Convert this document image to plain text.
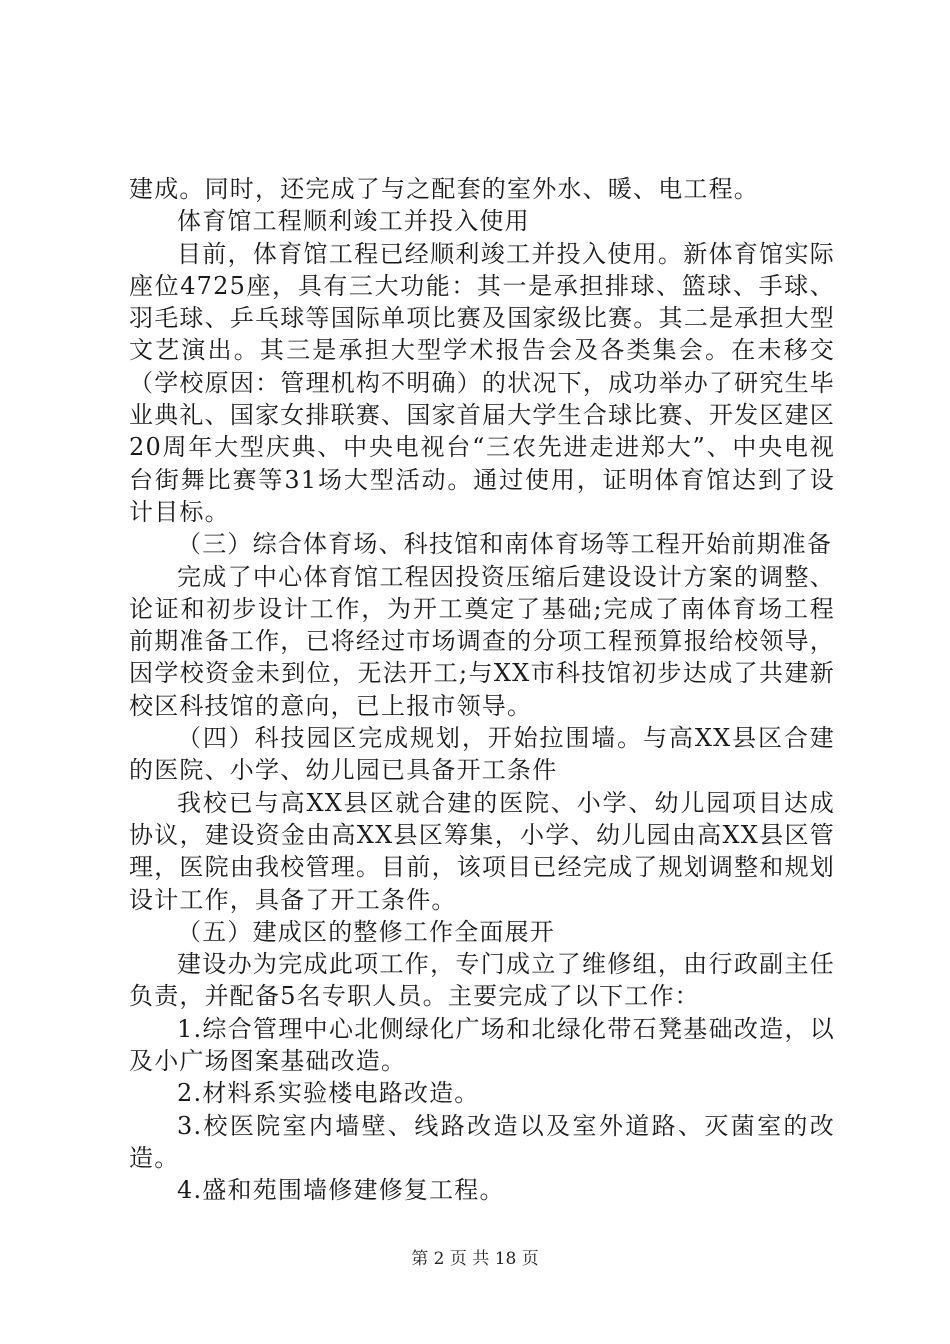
建成。同时，还完成了与之配套的室外水、暖、电工程。

体育馆工程顺利竣工并投入使用

目前，体育馆工程已经顺利竣工并投入使用。新体育馆实际座位4725座，具有三大功能：其一是承担排球、篮球、手球、羽毛球、乒乓球等国际单项比赛及国家级比赛。其二是承担大型文艺演出。其三是承担大型学术报告会及各类集会。在未移交（学校原因：管理机构不明确）的状况下，成功举办了研究生毕业典礼、国家女排联赛、国家首届大学生合球比赛、开发区建区20周年大型庆典、中央电视台“三农先进走进郑大”、中央电视台街舞比赛等31场大型活动。通过使用，证明体育馆达到了设计目标。

（三）综合体育场、科技馆和南体育场等工程开始前期准备

完成了中心体育馆工程因投资压缩后建设设计方案的调整、论证和初步设计工作，为开工奠定了基础;完成了南体育场工程前期准备工作，已将经过市场调查的分项工程预算报给校领导，因学校资金未到位，无法开工;与XX市科技馆初步达成了共建新校区科技馆的意向，已上报市领导。

（四）科技园区完成规划，开始拉围墙。与高XX县区合建的医院、小学、幼儿园已具备开工条件

我校已与高XX县区就合建的医院、小学、幼儿园项目达成协议，建设资金由高XX县区筹集，小学、幼儿园由高XX县区管理，医院由我校管理。目前，该项目已经完成了规划调整和规划设计工作，具备了开工条件。

（五）建成区的整修工作全面展开

建设办为完成此项工作，专门成立了维修组，由行政副主任负责，并配备5名专职人员。主要完成了以下工作：

1.综合管理中心北侧绿化广场和北绿化带石凳基础改造，以及小广场图案基础改造。

2.材料系实验楼电路改造。

3.校医院室内墙壁、线路改造以及室外道路、灭菌室的改造。

4.盛和苑围墙修建修复工程。

第 2 页 共 18 页
